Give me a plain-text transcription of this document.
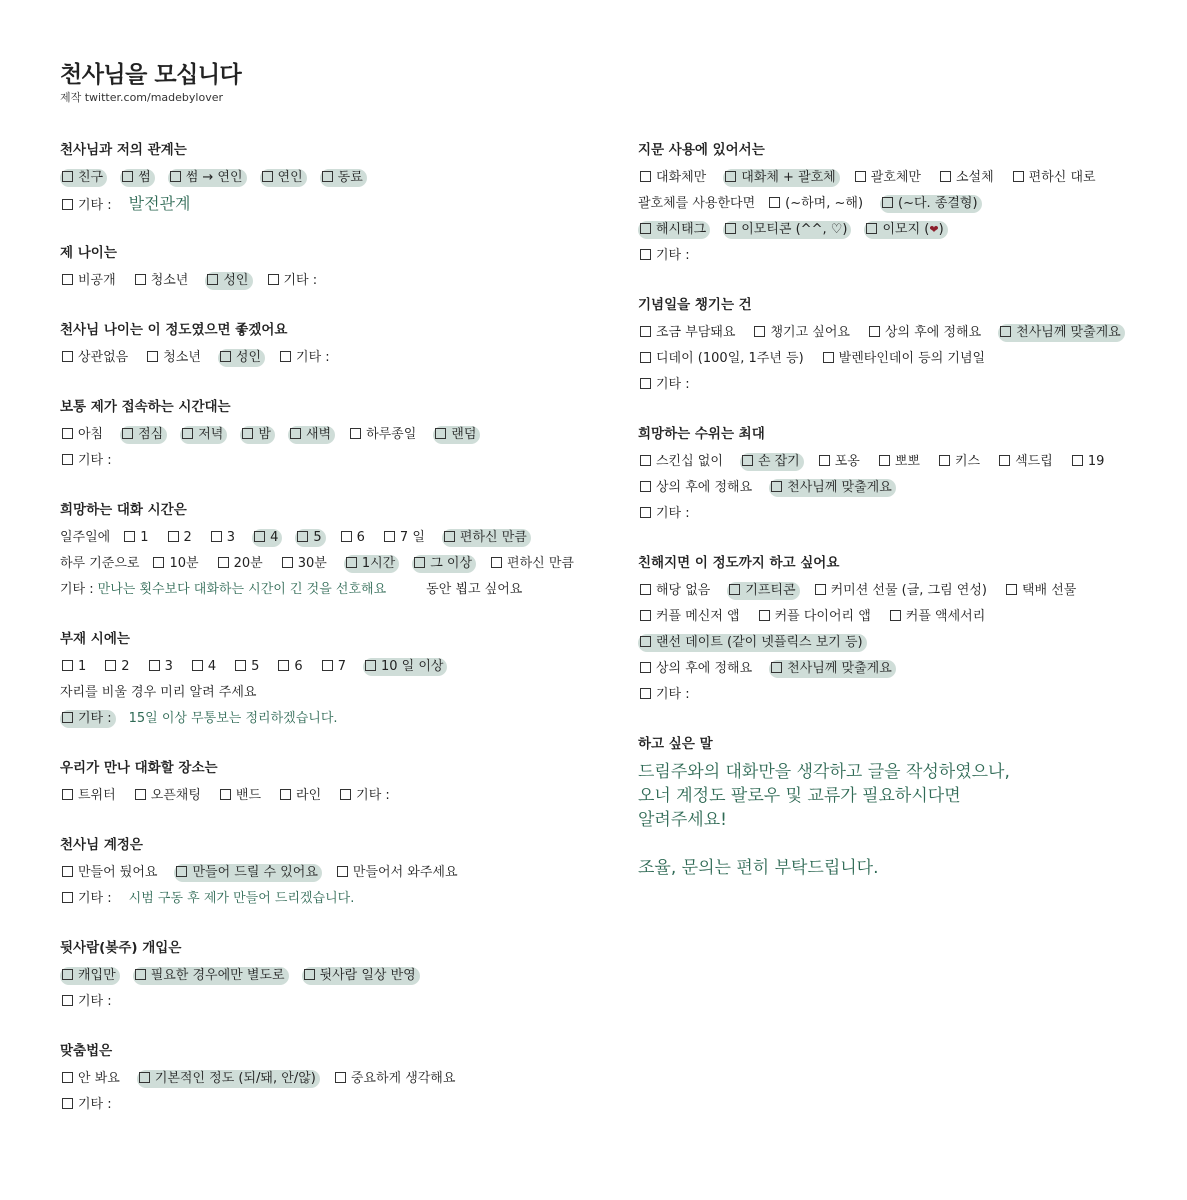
천사님을 모십니다
제작 twitter.com/madebylover
천사님과 저의 관계는
친구	썸	썸 → 연인	연인	동료
기타 : 발전관계
제 나이는
비공개	청소년	성인	기타 :
천사님 나이는 이 정도였으면 좋겠어요
상관없음	청소년	성인	기타 :
보통 제가 접속하는 시간대는
아침	점심	저녁	밤	새벽	하루종일	랜덤
기타 :
희망하는 대화 시간은
일주일에 1	2	3	4	5	6	7 일	편하신 만큼
하루 기준으로 10분	20분	30분	1시간	그 이상	편하신 만큼
기타 : 만나는 횟수보다 대화하는 시간이 긴 것을 선호해요	동안 뵙고 싶어요
부재 시에는
1	2	3	4	5	6	7	10 일 이상
자리를 비울 경우 미리 알려 주세요
기타 : 15일 이상 무통보는 정리하겠습니다.
우리가 만나 대화할 장소는
트위터	오픈채팅	밴드	라인	기타 :
천사님 계정은
만들어 뒀어요	만들어 드릴 수 있어요	만들어서 와주세요
기타 : 시범 구동 후 제가 만들어 드리겠습니다.
뒷사람(봊주) 개입은
캐입만	필요한 경우에만 별도로	뒷사람 일상 반영
기타 :
맞춤법은
안 봐요	기본적인 정도 (되/돼, 안/않)	중요하게 생각해요
기타 :
지문 사용에 있어서는
대화체만	대화체 + 괄호체	괄호체만	소설체	편하신 대로
괄호체를 사용한다면 (~하며, ~해)	(~다. 종결형)
해시태그	이모티콘 (^^, ♡)	이모지 (❤)
기타 :
기념일을 챙기는 건
조금 부담돼요	챙기고 싶어요	상의 후에 정해요	천사님께 맞출게요
디데이 (100일, 1주년 등)	발렌타인데이 등의 기념일
기타 :
희망하는 수위는 최대
스킨십 없이	손 잡기	포옹	뽀뽀	키스	섹드립	19
상의 후에 정해요	천사님께 맞출게요
기타 :
친해지면 이 정도까지 하고 싶어요
해당 없음	기프티콘	커미션 선물 (글, 그림 연성)	택배 선물
커플 메신저 앱	커플 다이어리 앱	커플 액세서리
랜선 데이트 (같이 넷플릭스 보기 등)
상의 후에 정해요	천사님께 맞출게요
기타 :
하고 싶은 말
드림주와의 대화만을 생각하고 글을 작성하였으나,
오너 계정도 팔로우 및 교류가 필요하시다면
알려주세요!

조율, 문의는 편히 부탁드립니다.
